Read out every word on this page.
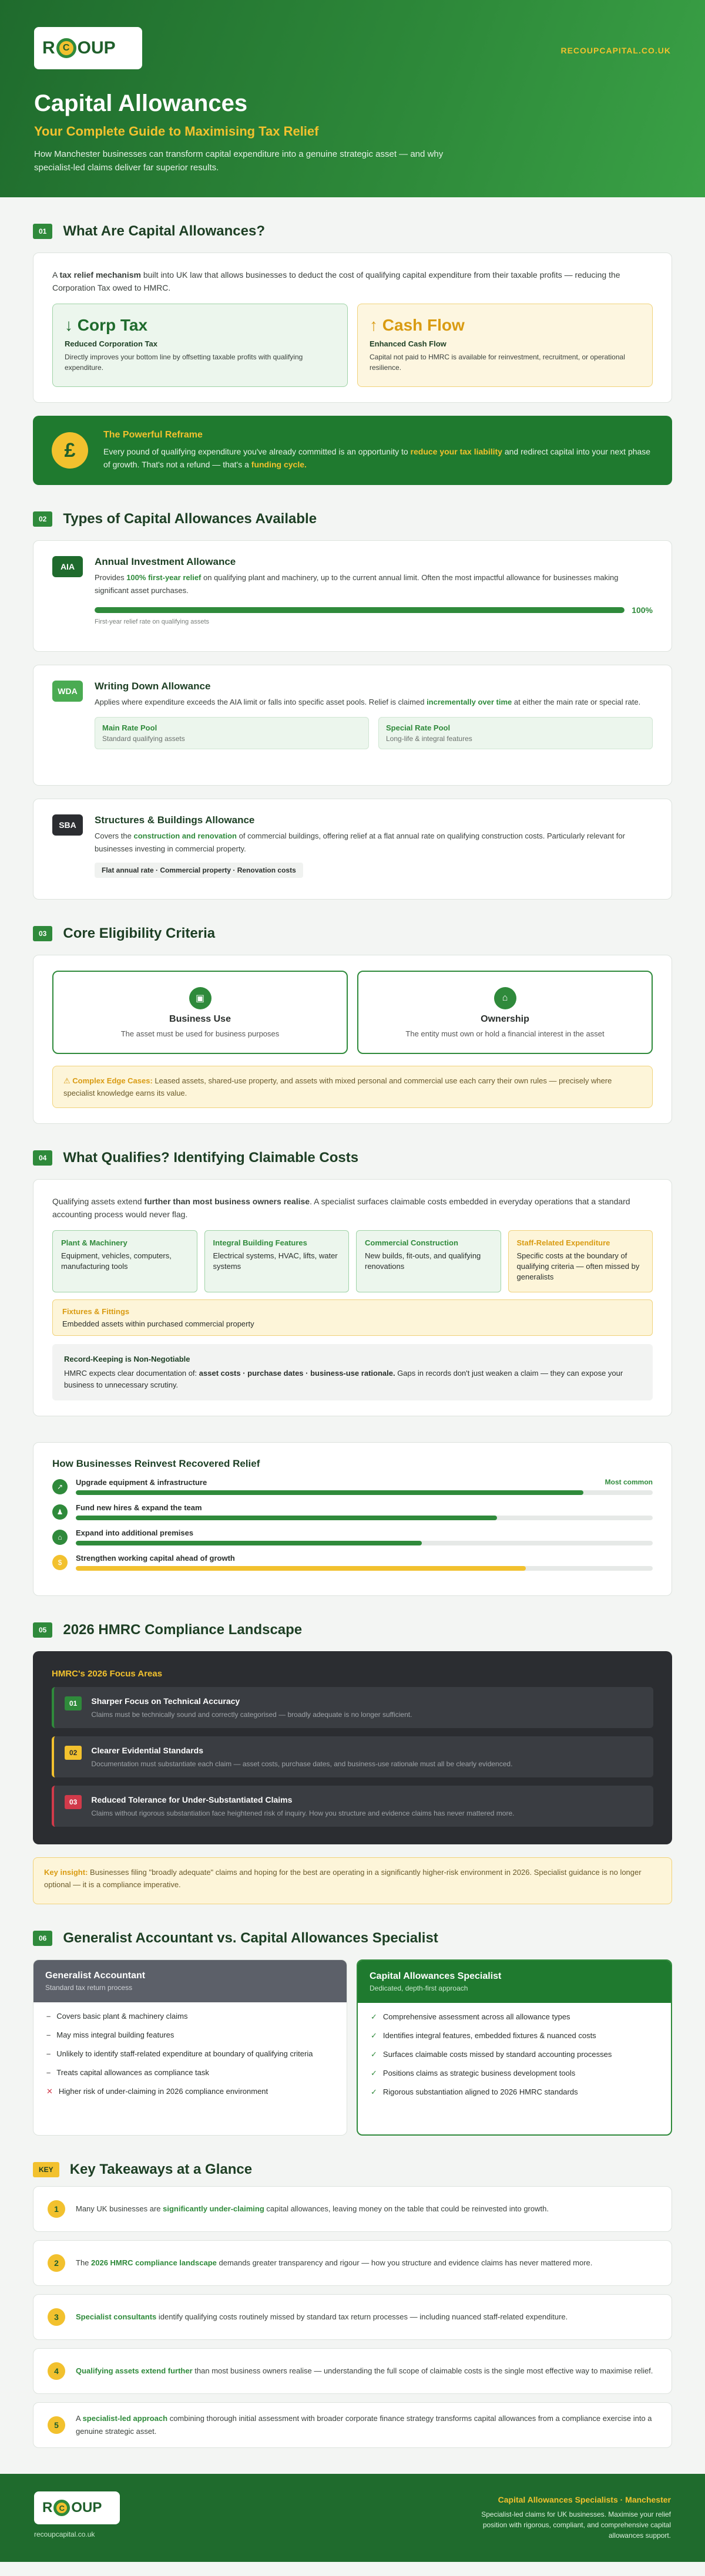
R C OUP	RECOUPCAPITAL.CO.UK
Capital Allowances
Your Complete Guide to Maximising Tax Relief

How Manchester businesses can transform capital expenditure into a genuine strategic asset — and why specialist-led claims deliver far superior results.

01	What Are Capital Allowances?

A tax relief mechanism built into UK law that allows businesses to deduct the cost of qualifying capital expenditure from their taxable profits — reducing the Corporation Tax owed to HMRC.

↓ Corp Tax
Reduced Corporation Tax
Directly improves your bottom line by offsetting taxable profits with qualifying expenditure.
↑ Cash Flow
Enhanced Cash Flow
Capital not paid to HMRC is available for reinvestment, recruitment, or operational resilience.
£
The Powerful Reframe

Every pound of qualifying expenditure you've already committed is an opportunity to reduce your tax liability and redirect capital into your next phase of growth. That's not a refund — that's a funding cycle.

02	Types of Capital Allowances Available
AIA	Annual Investment Allowance

Provides 100% first-year relief on qualifying plant and machinery, up to the current annual limit. Often the most impactful allowance for businesses making significant asset purchases.

100%
First-year relief rate on qualifying assets
WDA	Writing Down Allowance

Applies where expenditure exceeds the AIA limit or falls into specific asset pools. Relief is claimed incrementally over time at either the main rate or special rate.

Main Rate Pool
Standard qualifying assets
Special Rate Pool
Long-life & integral features
SBA	Structures & Buildings Allowance

Covers the construction and renovation of commercial buildings, offering relief at a flat annual rate on qualifying construction costs. Particularly relevant for businesses investing in commercial property.

Flat annual rate · Commercial property · Renovation costs
03	Core Eligibility Criteria
▣
Business Use
The asset must be used for business purposes
⌂
Ownership
The entity must own or hold a financial interest in the asset
⚠ Complex Edge Cases: Leased assets, shared-use property, and assets with mixed personal and commercial use each carry their own rules — precisely where specialist knowledge earns its value.
04	What Qualifies? Identifying Claimable Costs

Qualifying assets extend further than most business owners realise. A specialist surfaces claimable costs embedded in everyday operations that a standard accounting process would never flag.

Plant & Machinery
Equipment, vehicles, computers, manufacturing tools
Integral Building Features
Electrical systems, HVAC, lifts, water systems
Commercial Construction
New builds, fit-outs, and qualifying renovations
Staff-Related Expenditure
Specific costs at the boundary of qualifying criteria — often missed by generalists
Fixtures & Fittings
Embedded assets within purchased commercial property
Record-Keeping is Non-Negotiable
HMRC expects clear documentation of: asset costs · purchase dates · business-use rationale. Gaps in records don't just weaken a claim — they can expose your business to unnecessary scrutiny.
How Businesses Reinvest Recovered Relief
↗	Upgrade equipment & infrastructure	Most common
♟	Fund new hires & expand the team
⌂	Expand into additional premises
$	Strengthen working capital ahead of growth
05	2026 HMRC Compliance Landscape
HMRC's 2026 Focus Areas
01	Sharper Focus on Technical Accuracy
Claims must be technically sound and correctly categorised — broadly adequate is no longer sufficient.
02	Clearer Evidential Standards
Documentation must substantiate each claim — asset costs, purchase dates, and business-use rationale must all be clearly evidenced.
03	Reduced Tolerance for Under-Substantiated Claims
Claims without rigorous substantiation face heightened risk of inquiry. How you structure and evidence claims has never mattered more.
Key insight: Businesses filing "broadly adequate" claims and hoping for the best are operating in a significantly higher-risk environment in 2026. Specialist guidance is no longer optional — it is a compliance imperative.
06	Generalist Accountant vs. Capital Allowances Specialist
Generalist Accountant
Standard tax return process
– Covers basic plant & machinery claims
– May miss integral building features
– Unlikely to identify staff-related expenditure at boundary of qualifying criteria
– Treats capital allowances as compliance task
✕ Higher risk of under-claiming in 2026 compliance environment
Capital Allowances Specialist
Dedicated, depth-first approach
✓ Comprehensive assessment across all allowance types
✓ Identifies integral features, embedded fixtures & nuanced costs
✓ Surfaces claimable costs missed by standard accounting processes
✓ Positions claims as strategic business development tools
✓ Rigorous substantiation aligned to 2026 HMRC standards
KEY	Key Takeaways at a Glance
1	Many UK businesses are significantly under-claiming capital allowances, leaving money on the table that could be reinvested into growth.

2	The 2026 HMRC compliance landscape demands greater transparency and rigour — how you structure and evidence claims has never mattered more.

3	Specialist consultants identify qualifying costs routinely missed by standard tax return processes — including nuanced staff-related expenditure.

4	Qualifying assets extend further than most business owners realise — understanding the full scope of claimable costs is the single most effective way to maximise relief.

5

A specialist-led approach combining thorough initial assessment with broader corporate finance strategy transforms capital allowances from a compliance exercise into a genuine strategic asset.

R C OUP
recoupcapital.co.uk
Capital Allowances Specialists · Manchester
Specialist-led claims for UK businesses. Maximise your relief position with rigorous, compliant, and comprehensive capital allowances support.
